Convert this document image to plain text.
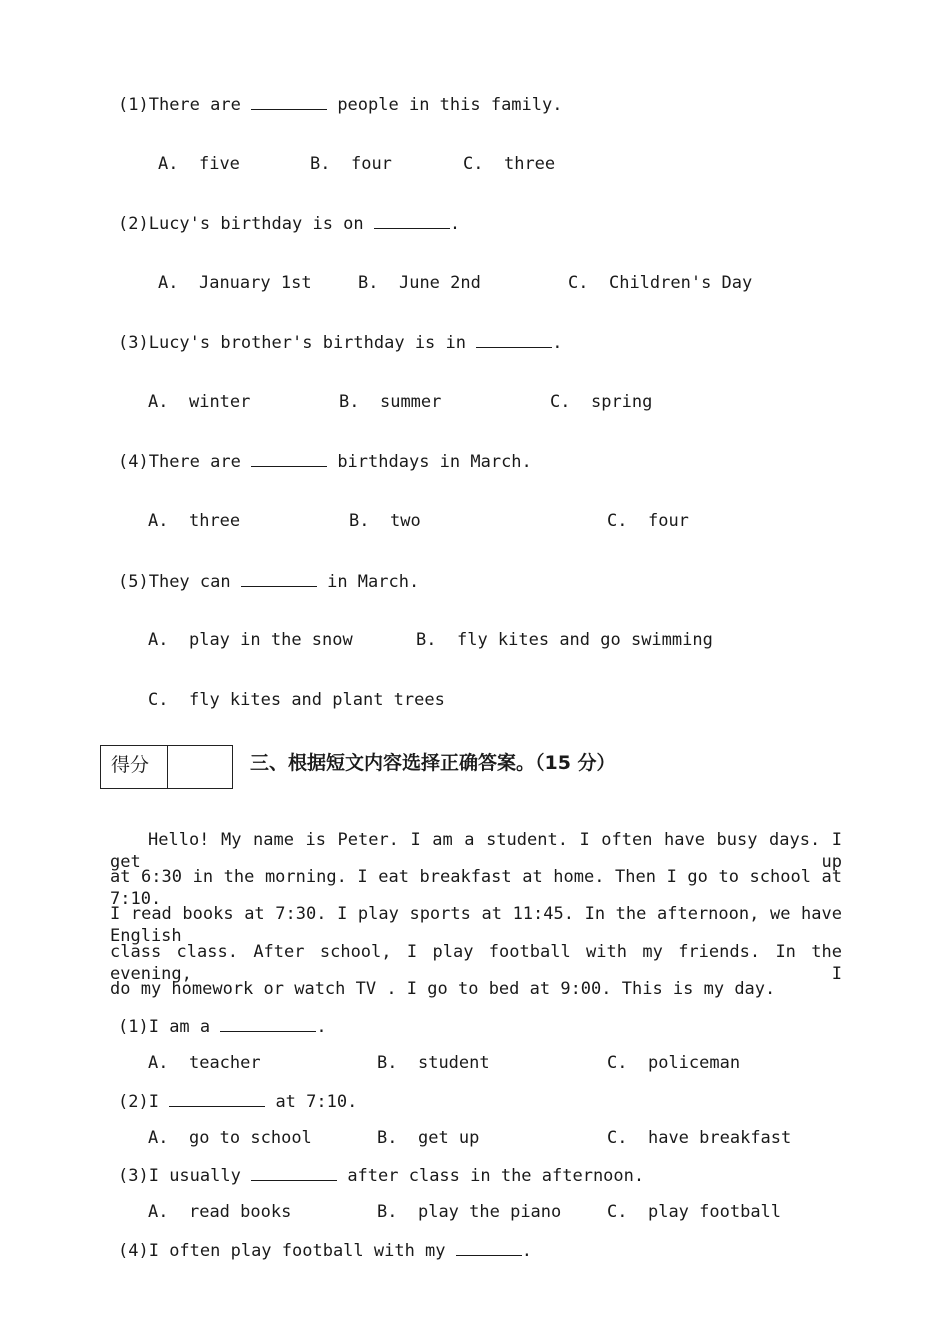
(1)There are	people in this family.
A. five	B. four	C. three
(2)Lucy's birthday is on	.
A. January 1st	B. June 2nd	C. Children's Day
(3)Lucy's brother's birthday is in	.
A. winter	B. summer	C. spring
(4)There are	birthdays in March.
A. three	B. two	C. four
(5)They can	in March.
A. play in the snow	B. fly kites and go swimming
C. fly kites and plant trees
得分	三、根据短文内容选择正确答案。（15 分）
Hello! My name is Peter. I am a student. I often have busy days. I get up
at 6:30 in the morning. I eat breakfast at home. Then I go to school at 7:10.
I read books at 7:30. I play sports at 11:45. In the afternoon, we have English
class class. After school, I play football with my friends. In the evening, I
do my homework or watch TV . I go to bed at 9:00. This is my day.
(1)I am a	.
A. teacher	B. student	C. policeman
(2)I	at 7:10.
A. go to school	B. get up	C. have breakfast
(3)I usually	after class in the afternoon.
A. read books	B. play the piano	C. play football
(4)I often play football with my	.
